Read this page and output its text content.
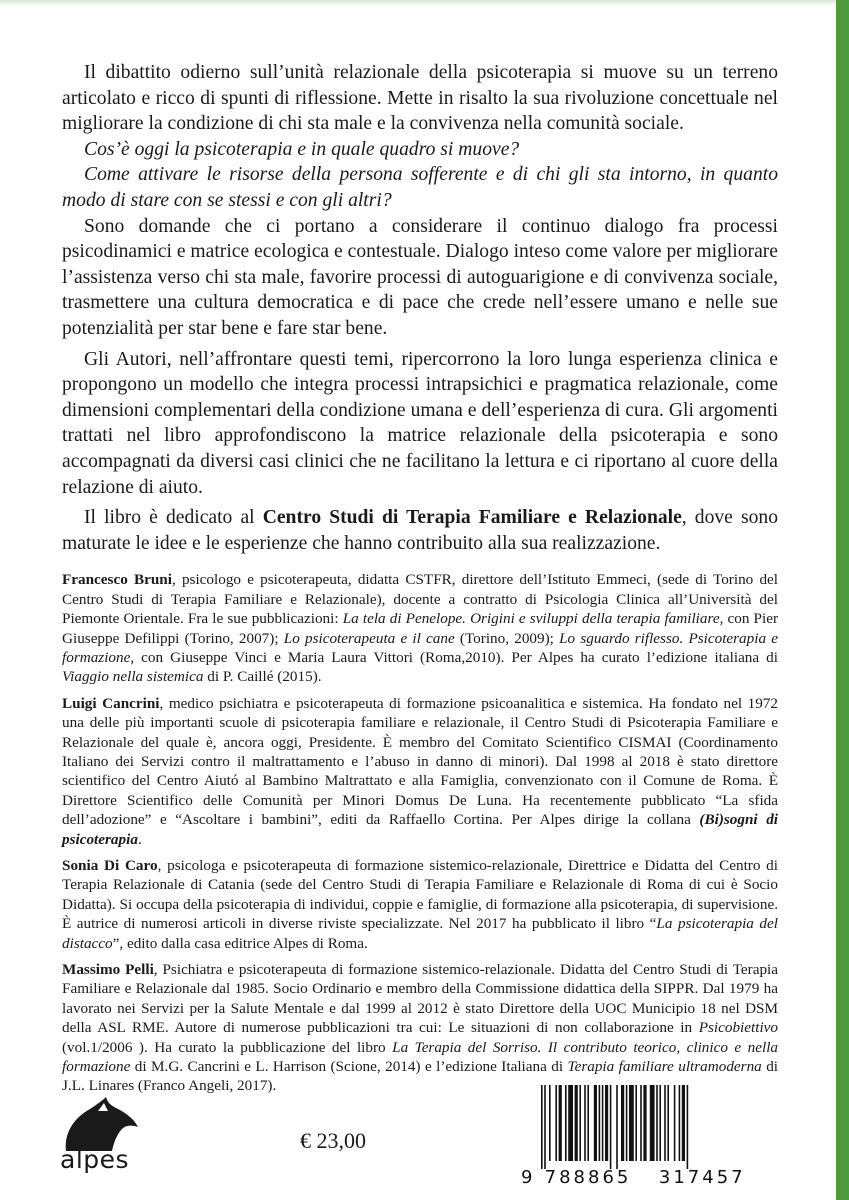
Il dibattito odierno sull’unità relazionale della psicoterapia si muove su un terreno articolato e ricco di spunti di riflessione. Mette in risalto la sua rivoluzione concettuale nel migliorare la condizione di chi sta male e la convivenza nella comunità sociale.

Cos’è oggi la psicoterapia e in quale quadro si muove?

Come attivare le risorse della persona sofferente e di chi gli sta intorno, in quanto modo di stare con se stessi e con gli altri?

Sono domande che ci portano a considerare il continuo dialogo fra processi psicodinamici e matrice ecologica e contestuale. Dialogo inteso come valore per migliorare l’assistenza verso chi sta male, favorire processi di autoguarigione e di convivenza sociale, trasmettere una cultura democratica e di pace che crede nell’essere umano e nelle sue potenzialità per star bene e fare star bene.

Gli Autori, nell’affrontare questi temi, ripercorrono la loro lunga esperienza clinica e propongono un modello che integra processi intrapsichici e pragmatica relazionale, come dimensioni complementari della condizione umana e dell’esperienza di cura. Gli argomenti trattati nel libro approfondiscono la matrice relazionale della psicoterapia e sono accompagnati da diversi casi clinici che ne facilitano la lettura e ci riportano al cuore della relazione di aiuto.

Il libro è dedicato al Centro Studi di Terapia Familiare e Relazionale, dove sono maturate le idee e le esperienze che hanno contribuito alla sua realizzazione.

Francesco Bruni, psicologo e psicoterapeuta, didatta CSTFR, direttore dell’Istituto Emmeci, (sede di Torino del Centro Studi di Terapia Familiare e Relazionale), docente a contratto di Psicologia Clinica all’Università del Piemonte Orientale. Fra le sue pubblicazioni: La tela di Penelope. Origini e sviluppi della terapia familiare, con Pier Giuseppe Defilippi (Torino, 2007); Lo psicoterapeuta e il cane (Torino, 2009); Lo sguardo riflesso. Psicoterapia e formazione, con Giuseppe Vinci e Maria Laura Vittori (Roma,2010). Per Alpes ha curato l’edizione italiana di Viaggio nella sistemica di P. Caillé (2015).

Luigi Cancrini, medico psichiatra e psicoterapeuta di formazione psicoanalitica e sistemica. Ha fondato nel 1972 una delle più importanti scuole di psicoterapia familiare e relazionale, il Centro Studi di Psicoterapia Familiare e Relazionale del quale è, ancora oggi, Presidente. È membro del Comitato Scientifico CISMAI (Coordinamento Italiano dei Servizi contro il maltrattamento e l’abuso in danno di minori). Dal 1998 al 2018 è stato direttore scientifico del Centro Aiutó al Bambino Maltrattato e alla Famiglia, convenzionato con il Comune de Roma. È Direttore Scientifico delle Comunità per Minori Domus De Luna. Ha recentemente pubblicato “La sfida dell’adozione” e “Ascoltare i bambini”, editi da Raffaello Cortina. Per Alpes dirige la collana (Bi)sogni di psicoterapia.

Sonia Di Caro, psicologa e psicoterapeuta di formazione sistemico-relazionale, Direttrice e Didatta del Centro di Terapia Relazionale di Catania (sede del Centro Studi di Terapia Familiare e Relazionale di Roma di cui è Socio Didatta). Si occupa della psicoterapia di individui, coppie e famiglie, di formazione alla psicoterapia, di supervisione. È autrice di numerosi articoli in diverse riviste specializzate. Nel 2017 ha pubblicato il libro “La psicoterapia del distacco”, edito dalla casa editrice Alpes di Roma.

Massimo Pelli, Psichiatra e psicoterapeuta di formazione sistemico-relazionale. Didatta del Centro Studi di Terapia Familiare e Relazionale dal 1985. Socio Ordinario e membro della Commissione didattica della SIPPR. Dal 1979 ha lavorato nei Servizi per la Salute Mentale e dal 1999 al 2012 è stato Direttore della UOC Municipio 18 nel DSM della ASL RME. Autore di numerose pubblicazioni tra cui: Le situazioni di non collaborazione in Psicobiettivo (vol.1/2006 ). Ha curato la pubblicazione del libro La Terapia del Sorriso. Il contributo teorico, clinico e nella formazione di M.G. Cancrini e L. Harrison (Scione, 2014) e l’edizione Italiana di Terapia familiare ultramoderna di J.L. Linares (Franco Angeli, 2017).

alpes
€ 23,00
9 788865	317457
